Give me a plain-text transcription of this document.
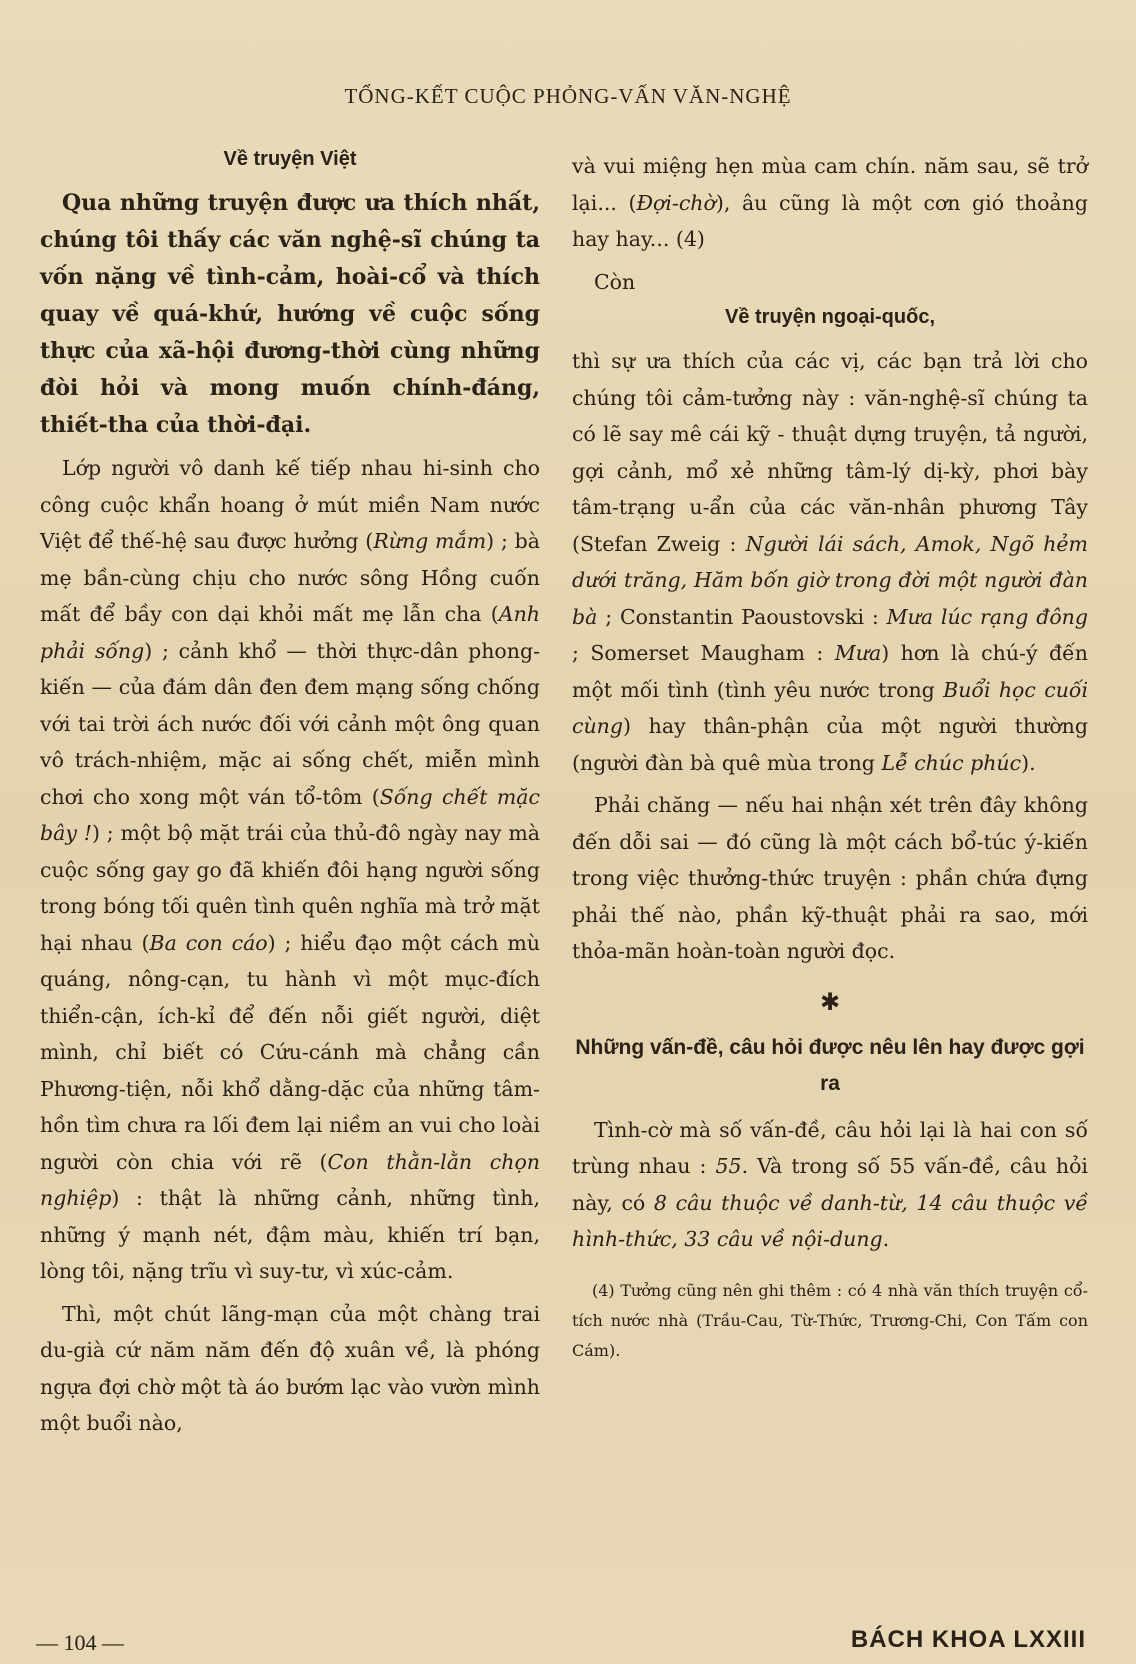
TỔNG-KẾT CUỘC PHỎNG-VẤN VĂN-NGHỆ
Về truyện Việt

Qua những truyện được ưa thích nhất, chúng tôi thấy các văn nghệ-sĩ chúng ta vốn nặng về tình-cảm, hoài-cổ và thích quay về quá-khứ, hướng về cuộc sống thực của xã-hội đương-thời cùng những đòi hỏi và mong muốn chính-đáng, thiết-tha của thời-đại.

Lớp người vô danh kế tiếp nhau hi-sinh cho công cuộc khẩn hoang ở mút miền Nam nước Việt để thế-hệ sau được hưởng (Rừng mắm) ; bà mẹ bần-cùng chịu cho nước sông Hồng cuốn mất để bầy con dại khỏi mất mẹ lẫn cha (Anh phải sống) ; cảnh khổ — thời thực-dân phong-kiến — của đám dân đen đem mạng sống chống với tai trời ách nước đối với cảnh một ông quan vô trách-nhiệm, mặc ai sống chết, miễn mình chơi cho xong một ván tổ-tôm (Sống chết mặc bây !) ; một bộ mặt trái của thủ-đô ngày nay mà cuộc sống gay go đã khiến đôi hạng người sống trong bóng tối quên tình quên nghĩa mà trở mặt hại nhau (Ba con cáo) ; hiểu đạo một cách mù quáng, nông-cạn, tu hành vì một mục-đích thiển-cận, ích-kỉ để đến nỗi giết người, diệt mình, chỉ biết có Cứu-cánh mà chẳng cần Phương-tiện, nỗi khổ dằng-dặc của những tâm-hồn tìm chưa ra lối đem lại niềm an vui cho loài người còn chia với rẽ (Con thằn-lằn chọn nghiệp) : thật là những cảnh, những tình, những ý mạnh nét, đậm màu, khiến trí bạn, lòng tôi, nặng trĩu vì suy-tư, vì xúc-cảm.

Thì, một chút lãng-mạn của một chàng trai du-già cứ năm năm đến độ xuân về, là phóng ngựa đợi chờ một tà áo bướm lạc vào vườn mình một buổi nào,

và vui miệng hẹn mùa cam chín. năm sau, sẽ trở lại... (Đợi-chờ), âu cũng là một cơn gió thoảng hay hay... (4)

Còn

Về truyện ngoại-quốc,

thì sự ưa thích của các vị, các bạn trả lời cho chúng tôi cảm-tưởng này : văn-nghệ-sĩ chúng ta có lẽ say mê cái kỹ - thuật dựng truyện, tả người, gợi cảnh, mổ xẻ những tâm-lý dị-kỳ, phơi bày tâm-trạng u-ẩn của các văn-nhân phương Tây (Stefan Zweig : Người lái sách, Amok, Ngõ hẻm dưới trăng, Hăm bốn giờ trong đời một người đàn bà ; Constantin Paoustovski : Mưa lúc rạng đông ; Somerset Maugham : Mưa) hơn là chú-ý đến một mối tình (tình yêu nước trong Buổi học cuối cùng) hay thân-phận của một người thường (người đàn bà quê mùa trong Lễ chúc phúc).

Phải chăng — nếu hai nhận xét trên đây không đến dỗi sai — đó cũng là một cách bổ-túc ý-kiến trong việc thưởng-thức truyện : phần chứa đựng phải thế nào, phần kỹ-thuật phải ra sao, mới thỏa-mãn hoàn-toàn người đọc.

✱
Những vấn-đề, câu hỏi được nêu lên hay được gợi ra

Tình-cờ mà số vấn-đề, câu hỏi lại là hai con số trùng nhau : 55. Và trong số 55 vấn-đề, câu hỏi này, có 8 câu thuộc về danh-từ, 14 câu thuộc về hình-thức, 33 câu về nội-dung.

(4) Tưởng cũng nên ghi thêm : có 4 nhà văn thích truyện cổ-tích nước nhà (Trầu-Cau, Từ-Thức, Trương-Chi, Con Tấm con Cám).

— 104 —	BÁCH KHOA LXXIII
